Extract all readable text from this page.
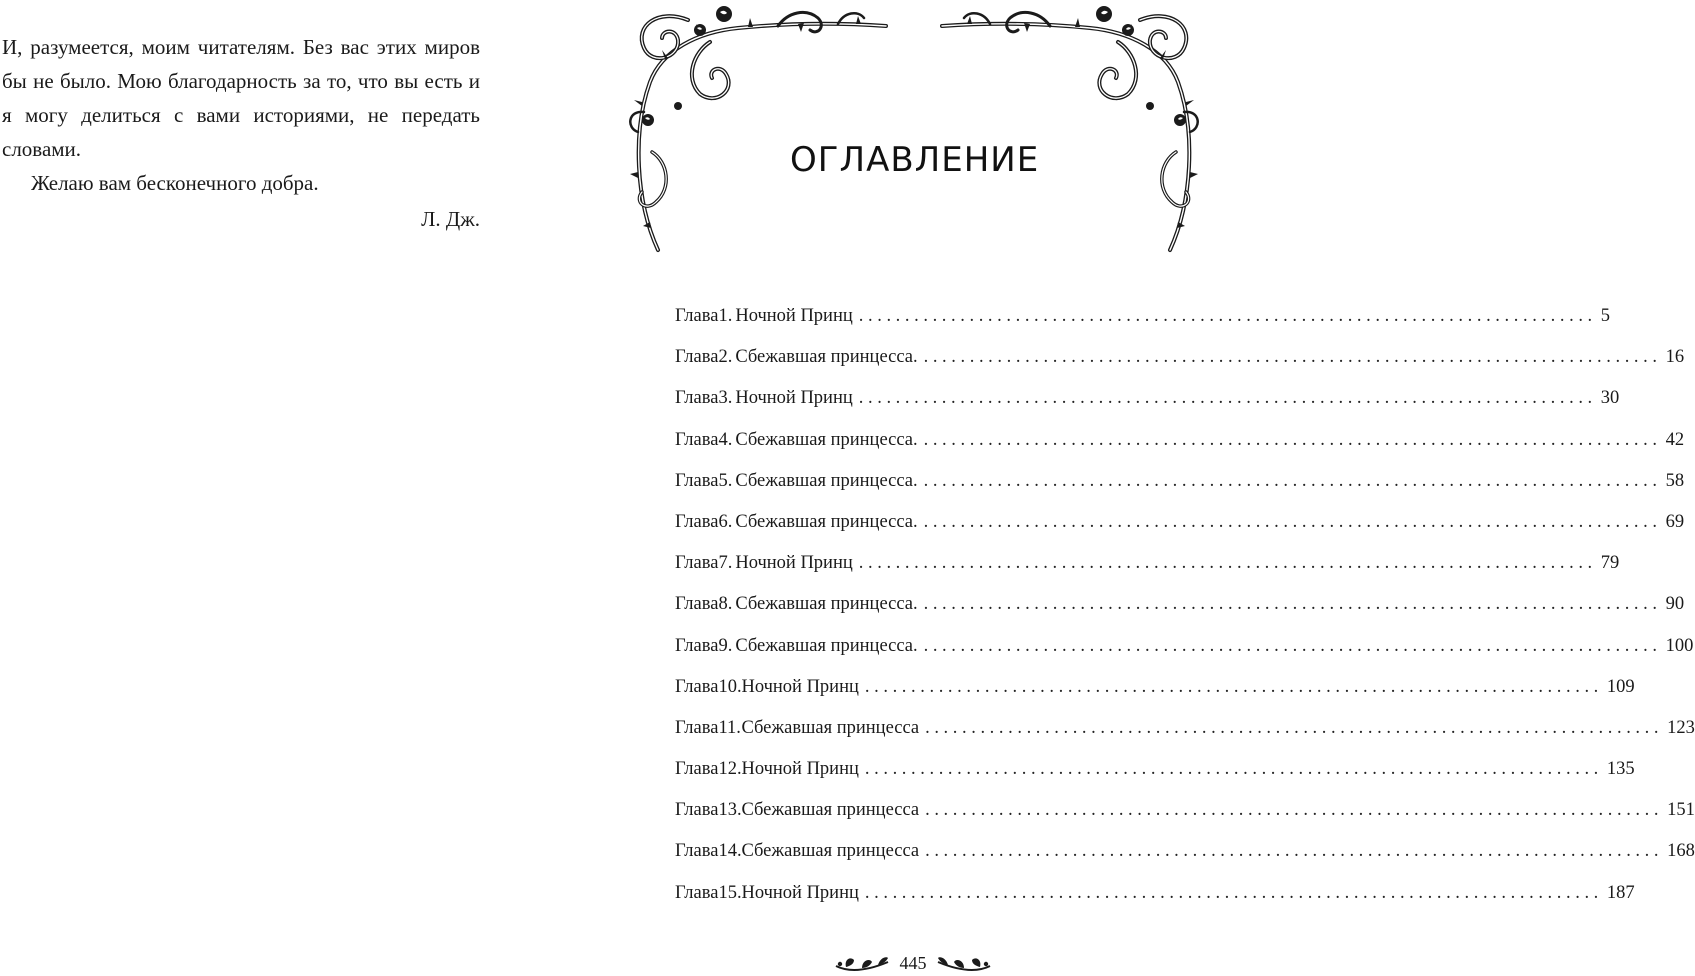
И, разумеется, моим читателям. Без вас этих миров бы не было. Мою благодарность за то, что вы есть и я могу делиться с вами историями, не передать словами.

Желаю вам бесконечного добра.

Л. Дж.

ОГЛАВЛЕНИЕ
Глава 1. Ночной Принц ................................................................................ 5
Глава 2. Сбежавшая принцесса. ................................................................................ 16
Глава 3. Ночной Принц ................................................................................ 30
Глава 4. Сбежавшая принцесса. ................................................................................ 42
Глава 5. Сбежавшая принцесса. ................................................................................ 58
Глава 6. Сбежавшая принцесса. ................................................................................ 69
Глава 7. Ночной Принц ................................................................................ 79
Глава 8. Сбежавшая принцесса. ................................................................................ 90
Глава 9. Сбежавшая принцесса. ................................................................................ 100
Глава 10. Ночной Принц ................................................................................ 109
Глава 11. Сбежавшая принцесса ................................................................................ 123
Глава 12. Ночной Принц ................................................................................ 135
Глава 13. Сбежавшая принцесса ................................................................................ 151
Глава 14. Сбежавшая принцесса ................................................................................ 168
Глава 15. Ночной Принц ................................................................................ 187
445
